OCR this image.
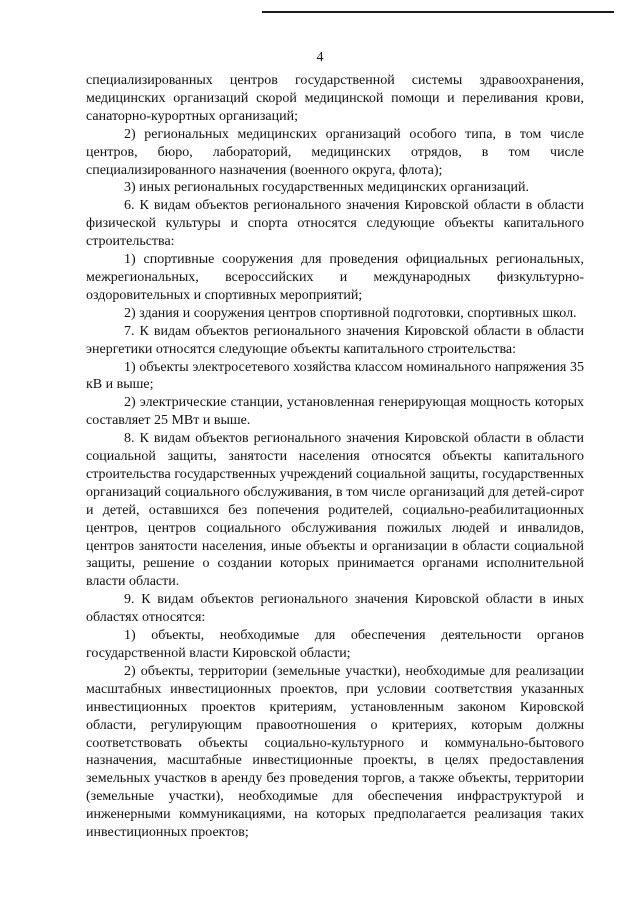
4

специализированных центров государственной системы здравоохранения, медицинских организаций скорой медицинской помощи и переливания крови, санаторно-курортных организаций;

2) региональных медицинских организаций особого типа, в том числе центров, бюро, лабораторий, медицинских отрядов, в том числе специализированного назначения (военного округа, флота);

3) иных региональных государственных медицинских организаций.

6. К видам объектов регионального значения Кировской области в области физической культуры и спорта относятся следующие объекты капитального строительства:

1) спортивные сооружения для проведения официальных региональных, межрегиональных, всероссийских и международных физкультурно-оздоровительных и спортивных мероприятий;

2) здания и сооружения центров спортивной подготовки, спортивных школ.

7. К видам объектов регионального значения Кировской области в области энергетики относятся следующие объекты капитального строительства:

1) объекты электросетевого хозяйства классом номинального напряжения 35 кВ и выше;

2) электрические станции, установленная генерирующая мощность которых составляет 25 МВт и выше.

8. К видам объектов регионального значения Кировской области в области социальной защиты, занятости населения относятся объекты капитального строительства государственных учреждений социальной защиты, государственных организаций социального обслуживания, в том числе организаций для детей-сирот и детей, оставшихся без попечения родителей, социально-реабилитационных центров, центров социального обслуживания пожилых людей и инвалидов, центров занятости населения, иные объекты и организации в области социальной защиты, решение о создании которых принимается органами исполнительной власти области.

9. К видам объектов регионального значения Кировской области в иных областях относятся:

1) объекты, необходимые для обеспечения деятельности органов государственной власти Кировской области;

2) объекты, территории (земельные участки), необходимые для реализации масштабных инвестиционных проектов, при условии соответствия указанных инвестиционных проектов критериям, установленным законом Кировской области, регулирующим правоотношения о критериях, которым должны соответствовать объекты социально-культурного и коммунально-бытового назначения, масштабные инвестиционные проекты, в целях предоставления земельных участков в аренду без проведения торгов, а также объекты, территории (земельные участки), необходимые для обеспечения инфраструктурой и инженерными коммуникациями, на которых предполагается реализация таких инвестиционных проектов;
